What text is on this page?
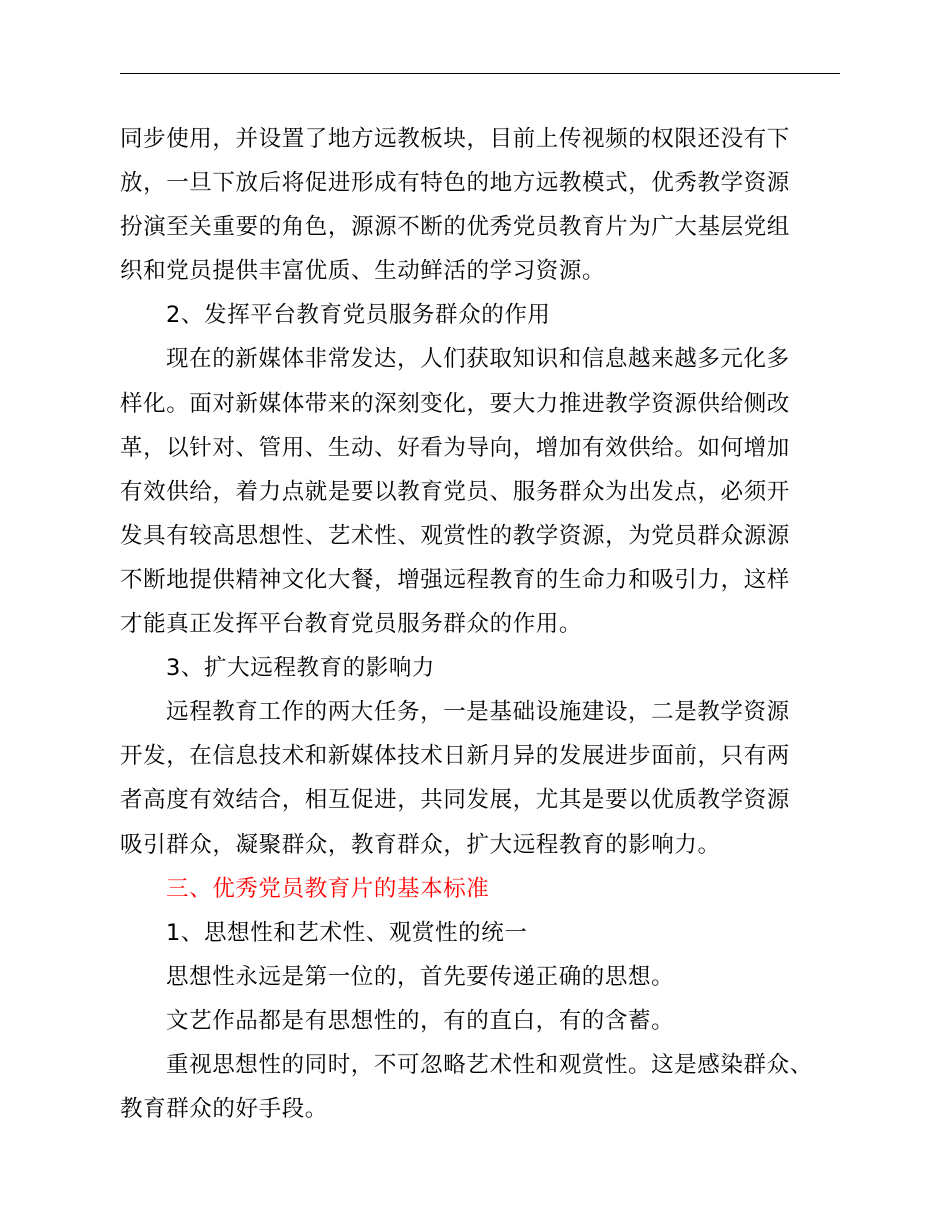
同步使用，并设置了地方远教板块，目前上传视频的权限还没有下
放，一旦下放后将促进形成有特色的地方远教模式，优秀教学资源
扮演至关重要的角色，源源不断的优秀党员教育片为广大基层党组
织和党员提供丰富优质、生动鲜活的学习资源。
2、发挥平台教育党员服务群众的作用
现在的新媒体非常发达，人们获取知识和信息越来越多元化多
样化。面对新媒体带来的深刻变化，要大力推进教学资源供给侧改
革，以针对、管用、生动、好看为导向，增加有效供给。如何增加
有效供给，着力点就是要以教育党员、服务群众为出发点，必须开
发具有较高思想性、艺术性、观赏性的教学资源，为党员群众源源
不断地提供精神文化大餐，增强远程教育的生命力和吸引力，这样
才能真正发挥平台教育党员服务群众的作用。
3、扩大远程教育的影响力
远程教育工作的两大任务，一是基础设施建设，二是教学资源
开发，在信息技术和新媒体技术日新月异的发展进步面前，只有两
者高度有效结合，相互促进，共同发展，尤其是要以优质教学资源
吸引群众，凝聚群众，教育群众，扩大远程教育的影响力。
三、优秀党员教育片的基本标准
1、思想性和艺术性、观赏性的统一
思想性永远是第一位的，首先要传递正确的思想。
文艺作品都是有思想性的，有的直白，有的含蓄。
重视思想性的同时，不可忽略艺术性和观赏性。这是感染群众、
教育群众的好手段。
